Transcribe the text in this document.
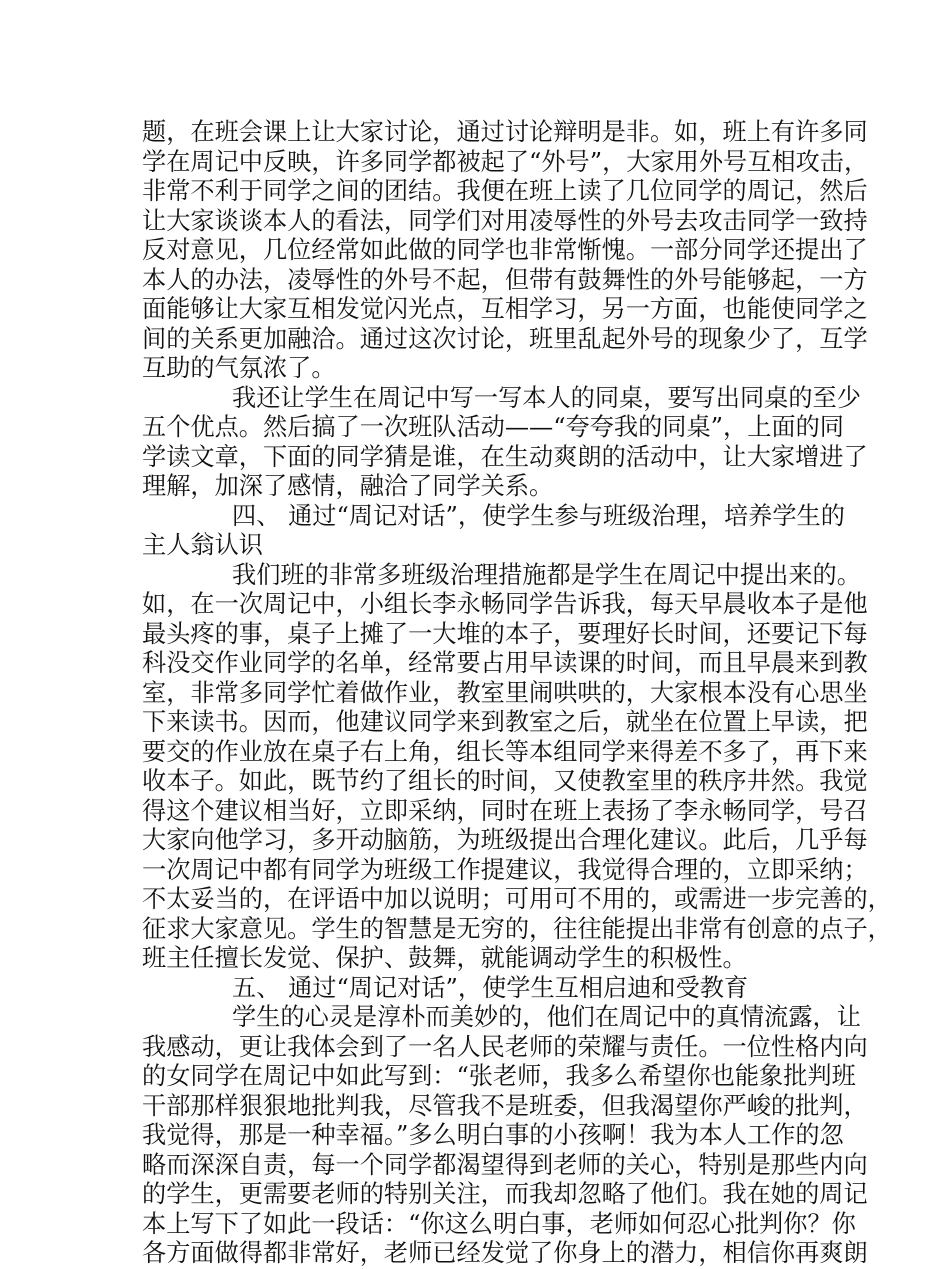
题，在班会课上让大家讨论，通过讨论辩明是非。如，班上有许多同
学在周记中反映，许多同学都被起了“外号”，大家用外号互相攻击，
非常不利于同学之间的团结。我便在班上读了几位同学的周记，然后
让大家谈谈本人的看法，同学们对用凌辱性的外号去攻击同学一致持
反对意见，几位经常如此做的同学也非常惭愧。一部分同学还提出了
本人的办法，凌辱性的外号不起，但带有鼓舞性的外号能够起，一方
面能够让大家互相发觉闪光点，互相学习，另一方面，也能使同学之
间的关系更加融洽。通过这次讨论，班里乱起外号的现象少了，互学
互助的气氛浓了。
我还让学生在周记中写一写本人的同桌，要写出同桌的至少
五个优点。然后搞了一次班队活动——“夸夸我的同桌”，上面的同
学读文章，下面的同学猜是谁，在生动爽朗的活动中，让大家增进了
理解，加深了感情，融洽了同学关系。
四、 通过“周记对话”，使学生参与班级治理，培养学生的
主人翁认识
我们班的非常多班级治理措施都是学生在周记中提出来的。
如，在一次周记中，小组长李永畅同学告诉我，每天早晨收本子是他
最头疼的事，桌子上摊了一大堆的本子，要理好长时间，还要记下每
科没交作业同学的名单，经常要占用早读课的时间，而且早晨来到教
室，非常多同学忙着做作业，教室里闹哄哄的，大家根本没有心思坐
下来读书。因而，他建议同学来到教室之后，就坐在位置上早读，把
要交的作业放在桌子右上角，组长等本组同学来得差不多了，再下来
收本子。如此，既节约了组长的时间，又使教室里的秩序井然。我觉
得这个建议相当好，立即采纳，同时在班上表扬了李永畅同学，号召
大家向他学习，多开动脑筋，为班级提出合理化建议。此后，几乎每
一次周记中都有同学为班级工作提建议，我觉得合理的，立即采纳；
不太妥当的，在评语中加以说明；可用可不用的，或需进一步完善的，
征求大家意见。学生的智慧是无穷的，往往能提出非常有创意的点子，
班主任擅长发觉、保护、鼓舞，就能调动学生的积极性。
五、 通过“周记对话”，使学生互相启迪和受教育
学生的心灵是淳朴而美妙的，他们在周记中的真情流露，让
我感动，更让我体会到了一名人民老师的荣耀与责任。一位性格内向
的女同学在周记中如此写到：“张老师，我多么希望你也能象批判班
干部那样狠狠地批判我，尽管我不是班委，但我渴望你严峻的批判，
我觉得，那是一种幸福。”多么明白事的小孩啊！我为本人工作的忽
略而深深自责，每一个同学都渴望得到老师的关心，特别是那些内向
的学生，更需要老师的特别关注，而我却忽略了他们。我在她的周记
本上写下了如此一段话：“你这么明白事，老师如何忍心批判你？你
各方面做得都非常好，老师已经发觉了你身上的潜力，相信你再爽朗
